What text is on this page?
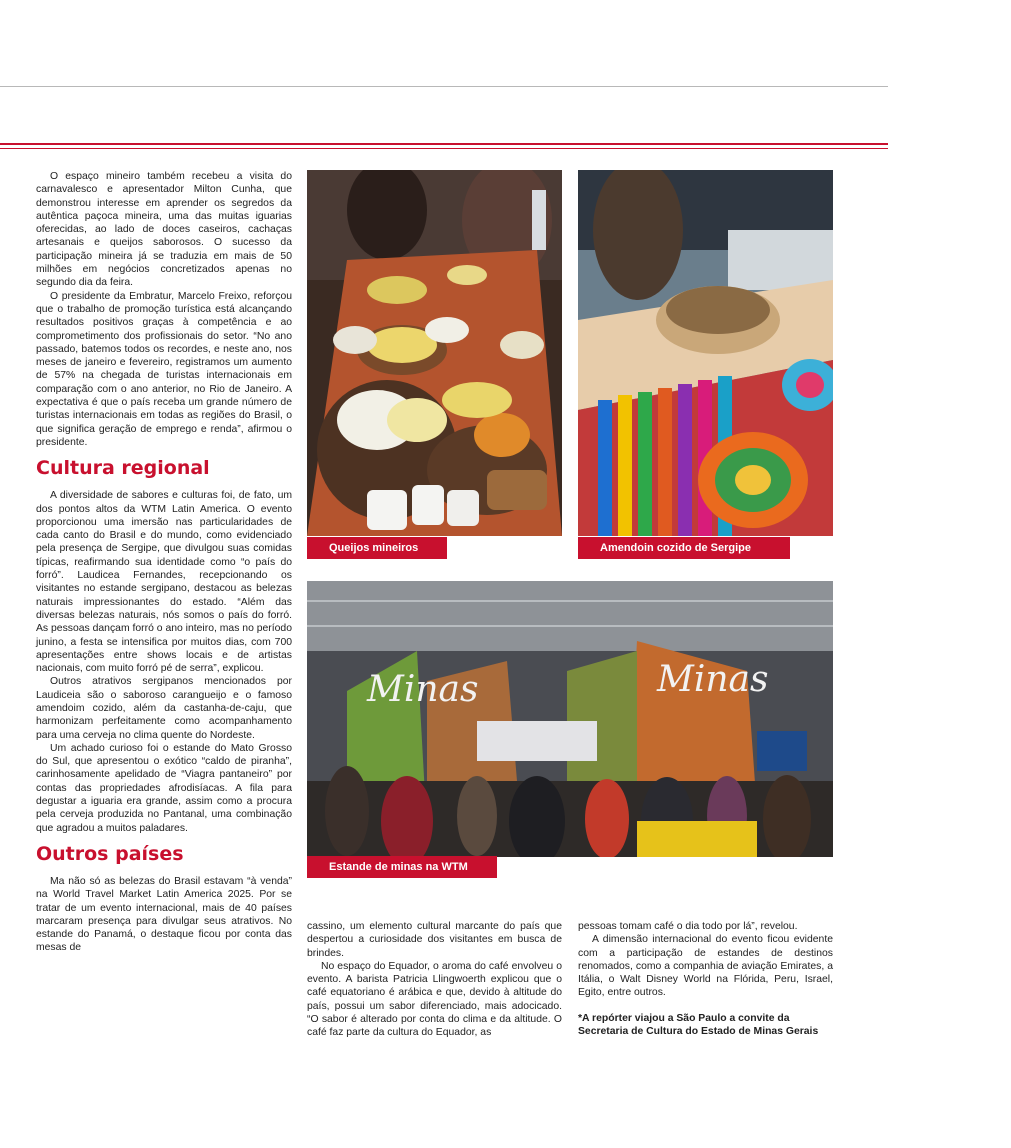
O espaço mineiro também recebeu a visita do carnavalesco e apresentador Milton Cunha, que demonstrou interesse em aprender os segredos da autêntica paçoca mineira, uma das muitas iguarias oferecidas, ao lado de doces caseiros, cachaças artesanais e queijos saborosos. O sucesso da participação mineira já se traduzia em mais de 50 milhões em negócios concretizados apenas no segundo dia da feira.

O presidente da Embratur, Marcelo Freixo, reforçou que o trabalho de promoção turística está alcançando resultados positivos graças à competência e ao comprometimento dos profissionais do setor. “No ano passado, batemos todos os recordes, e neste ano, nos meses de janeiro e fevereiro, registramos um aumento de 57% na chegada de turistas internacionais em comparação com o ano anterior, no Rio de Janeiro. A expectativa é que o país receba um grande número de turistas internacionais em todas as regiões do Brasil, o que significa geração de emprego e renda”, afirmou o presidente.

Cultura regional

A diversidade de sabores e culturas foi, de fato, um dos pontos altos da WTM Latin America. O evento proporcionou uma imersão nas particularidades de cada canto do Brasil e do mundo, como evidenciado pela presença de Sergipe, que divulgou suas comidas típicas, reafirmando sua identidade como “o país do forró”. Laudicea Fernandes, recepcionando os visitantes no estande sergipano, destacou as belezas naturais impressionantes do estado. “Além das diversas belezas naturais, nós somos o país do forró. As pessoas dançam forró o ano inteiro, mas no período junino, a festa se intensifica por muitos dias, com 700 apresentações entre shows locais e de artistas nacionais, com muito forró pé de serra”, explicou.

Outros atrativos sergipanos mencionados por Laudiceia são o saboroso carangueijo e o famoso amendoim cozido, além da castanha-de-caju, que harmonizam perfeitamente como acompanhamento para uma cerveja no clima quente do Nordeste.

Um achado curioso foi o estande do Mato Grosso do Sul, que apresentou o exótico “caldo de piranha”, carinhosamente apelidado de “Viagra pantaneiro” por contas das propriedades afrodisíacas. A fila para degustar a iguaria era grande, assim como a procura pela cerveja produzida no Pantanal, uma combinação que agradou a muitos paladares.

Outros países

Ma não só as belezas do Brasil estavam “à venda” na World Travel Market Latin America 2025. Por se tratar de um evento internacional, mais de 40 países marcaram presença para divulgar seus atrativos. No estande do Panamá, o destaque ficou por conta das mesas de

Minas	Minas
Queijos mineiros	Amendoin cozido de Sergipe
Estande de minas na WTM

cassino, um elemento cultural marcante do país que despertou a curiosidade dos visitantes em busca de brindes.

No espaço do Equador, o aroma do café envolveu o evento. A barista Patricia Llingwoerth explicou que o café equatoriano é arábica e que, devido à altitude do país, possui um sabor diferenciado, mais adocicado. “O sabor é alterado por conta do clima e da altitude. O café faz parte da cultura do Equador, as

pessoas tomam café o dia todo por lá”, revelou.

A dimensão internacional do evento ficou evidente com a participação de estandes de destinos renomados, como a companhia de aviação Emirates, a Itália, o Walt Disney World na Flórida, Peru, Israel, Egito, entre outros.

*A repórter viajou a São Paulo a convite da Secretaria de Cultura do Estado de Minas Gerais
